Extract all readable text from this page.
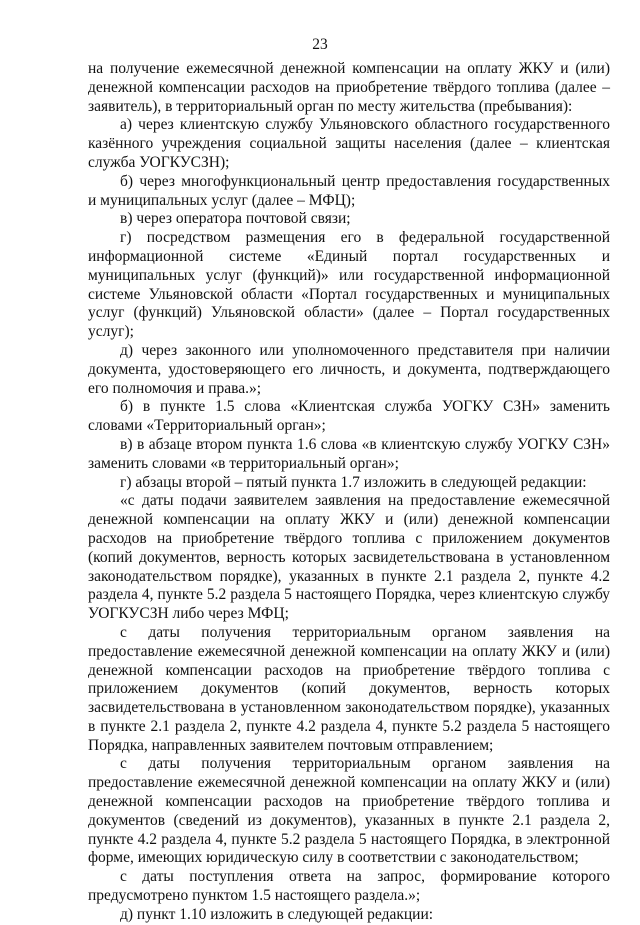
23

на получение ежемесячной денежной компенсации на оплату ЖКУ и (или) денежной компенсации расходов на приобретение твёрдого топлива (далее – заявитель), в территориальный орган по месту жительства (пребывания):

а) через клиентскую службу Ульяновского областного государственного казённого учреждения социальной защиты населения (далее – клиентская служба УОГКУСЗН);

б) через многофункциональный центр предоставления государственных и муниципальных услуг (далее – МФЦ);

в) через оператора почтовой связи;

г) посредством размещения его в федеральной государственной информационной системе «Единый портал государственных и муниципальных услуг (функций)» или государственной информационной системе Ульяновской области «Портал государственных и муниципальных услуг (функций) Ульяновской области» (далее – Портал государственных услуг);

д) через законного или уполномоченного представителя при наличии документа, удостоверяющего его личность, и документа, подтверждающего его полномочия и права.»;

б) в пункте 1.5 слова «Клиентская служба УОГКУ СЗН» заменить словами «Территориальный орган»;

в) в абзаце втором пункта 1.6 слова «в клиентскую службу УОГКУ СЗН» заменить словами «в территориальный орган»;

г) абзацы второй – пятый пункта 1.7 изложить в следующей редакции:

«с даты подачи заявителем заявления на предоставление ежемесячной денежной компенсации на оплату ЖКУ и (или) денежной компенсации расходов на приобретение твёрдого топлива с приложением документов (копий документов, верность которых засвидетельствована в установленном законодательством порядке), указанных в пункте 2.1 раздела 2, пункте 4.2 раздела 4, пункте 5.2 раздела 5 настоящего Порядка, через клиентскую службу УОГКУСЗН либо через МФЦ;

с даты получения территориальным органом заявления на предоставление ежемесячной денежной компенсации на оплату ЖКУ и (или) денежной компенсации расходов на приобретение твёрдого топлива с приложением документов (копий документов, верность которых засвидетельствована в установленном законодательством порядке), указанных в пункте 2.1 раздела 2, пункте 4.2 раздела 4, пункте 5.2 раздела 5 настоящего Порядка, направленных заявителем почтовым отправлением;

с даты получения территориальным органом заявления на предоставление ежемесячной денежной компенсации на оплату ЖКУ и (или) денежной компенсации расходов на приобретение твёрдого топлива и документов (сведений из документов), указанных в пункте 2.1 раздела 2, пункте 4.2 раздела 4, пункте 5.2 раздела 5 настоящего Порядка, в электронной форме, имеющих юридическую силу в соответствии с законодательством;

с даты поступления ответа на запрос, формирование которого предусмотрено пунктом 1.5 настоящего раздела.»;

д) пункт 1.10 изложить в следующей редакции:
